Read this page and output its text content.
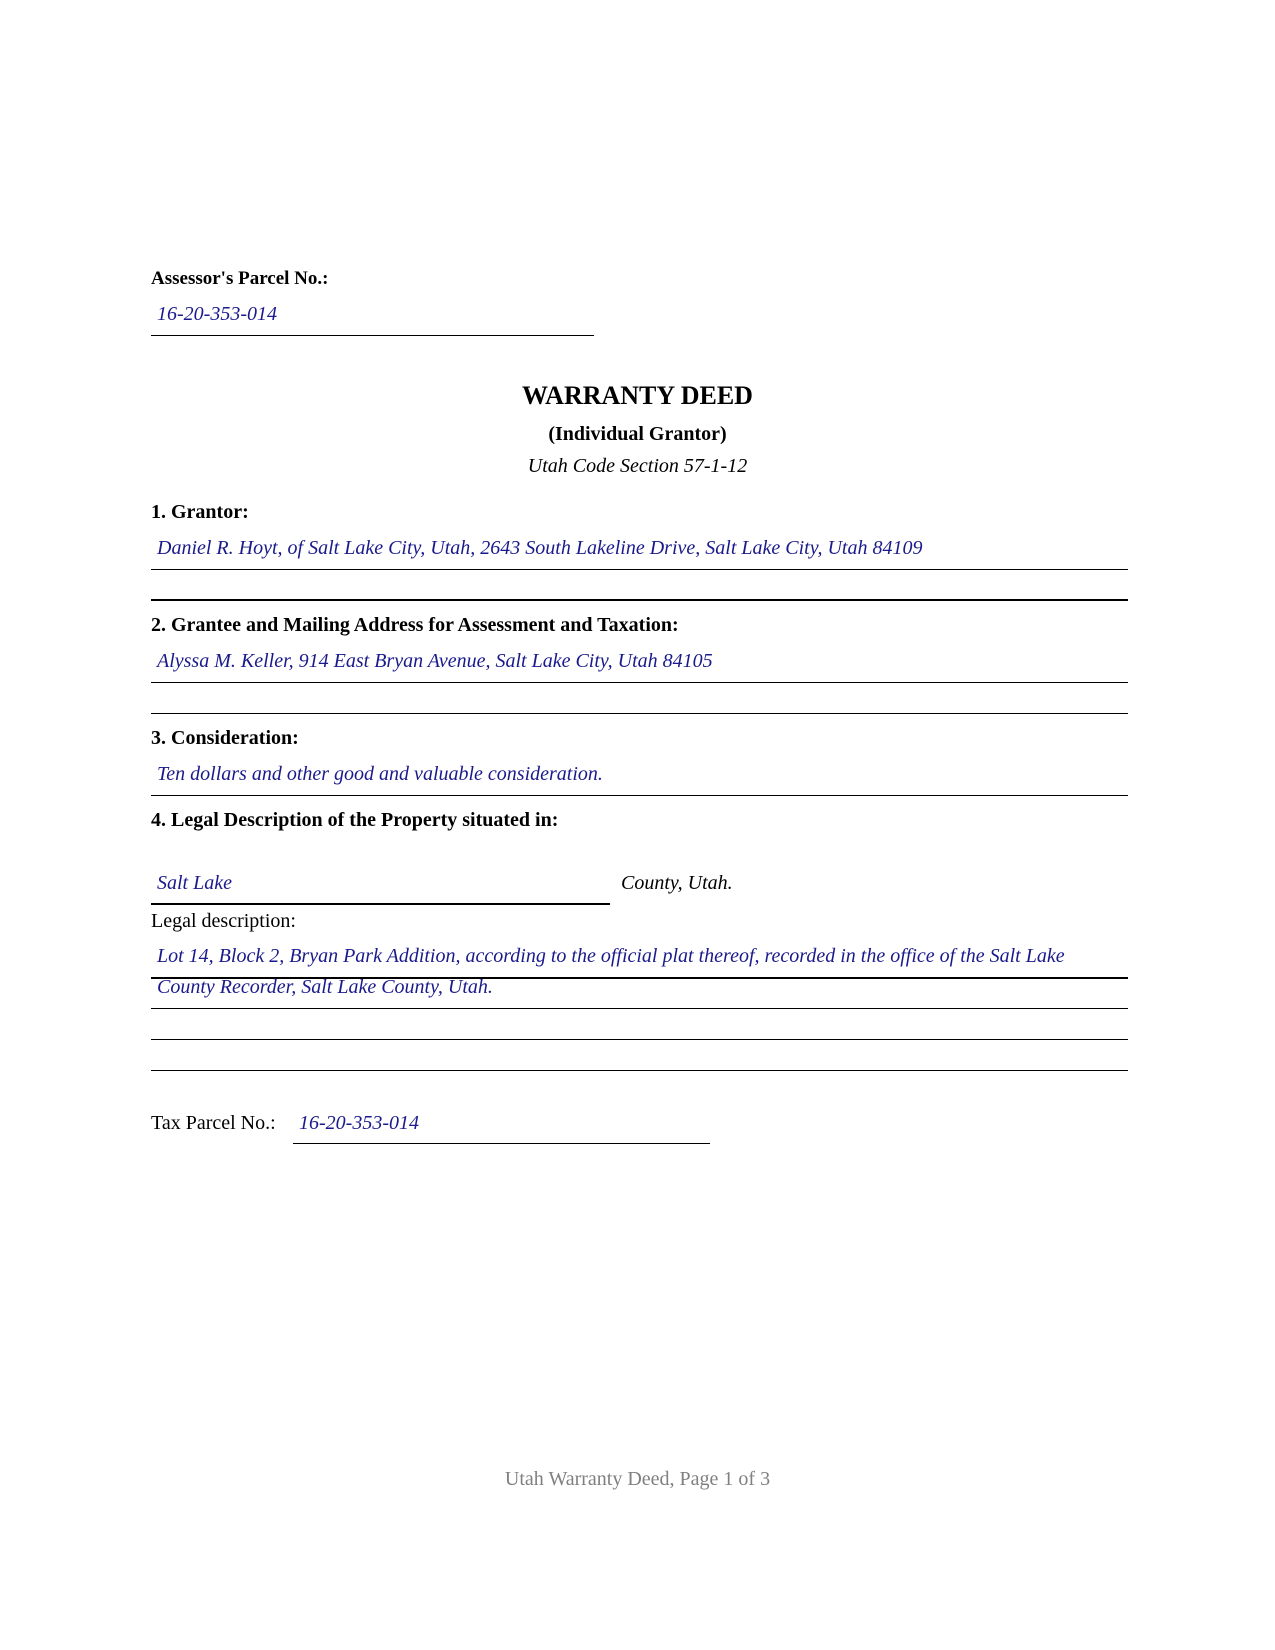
Assessor's Parcel No.:
16-20-353-014
WARRANTY DEED
(Individual Grantor)
Utah Code Section 57-1-12
1. Grantor:
Daniel R. Hoyt, of Salt Lake City, Utah, 2643 South Lakeline Drive, Salt Lake City, Utah 84109
2. Grantee and Mailing Address for Assessment and Taxation:
Alyssa M. Keller, 914 East Bryan Avenue, Salt Lake City, Utah 84105
3. Consideration:
Ten dollars and other good and valuable consideration.
4. Legal Description of the Property situated in:
Salt Lake	County, Utah.
Legal description:
Lot 14, Block 2, Bryan Park Addition, according to the official plat thereof, recorded in the office of the Salt Lake
County Recorder, Salt Lake County, Utah.
Tax Parcel No.: 16-20-353-014
Utah Warranty Deed, Page 1 of 3
